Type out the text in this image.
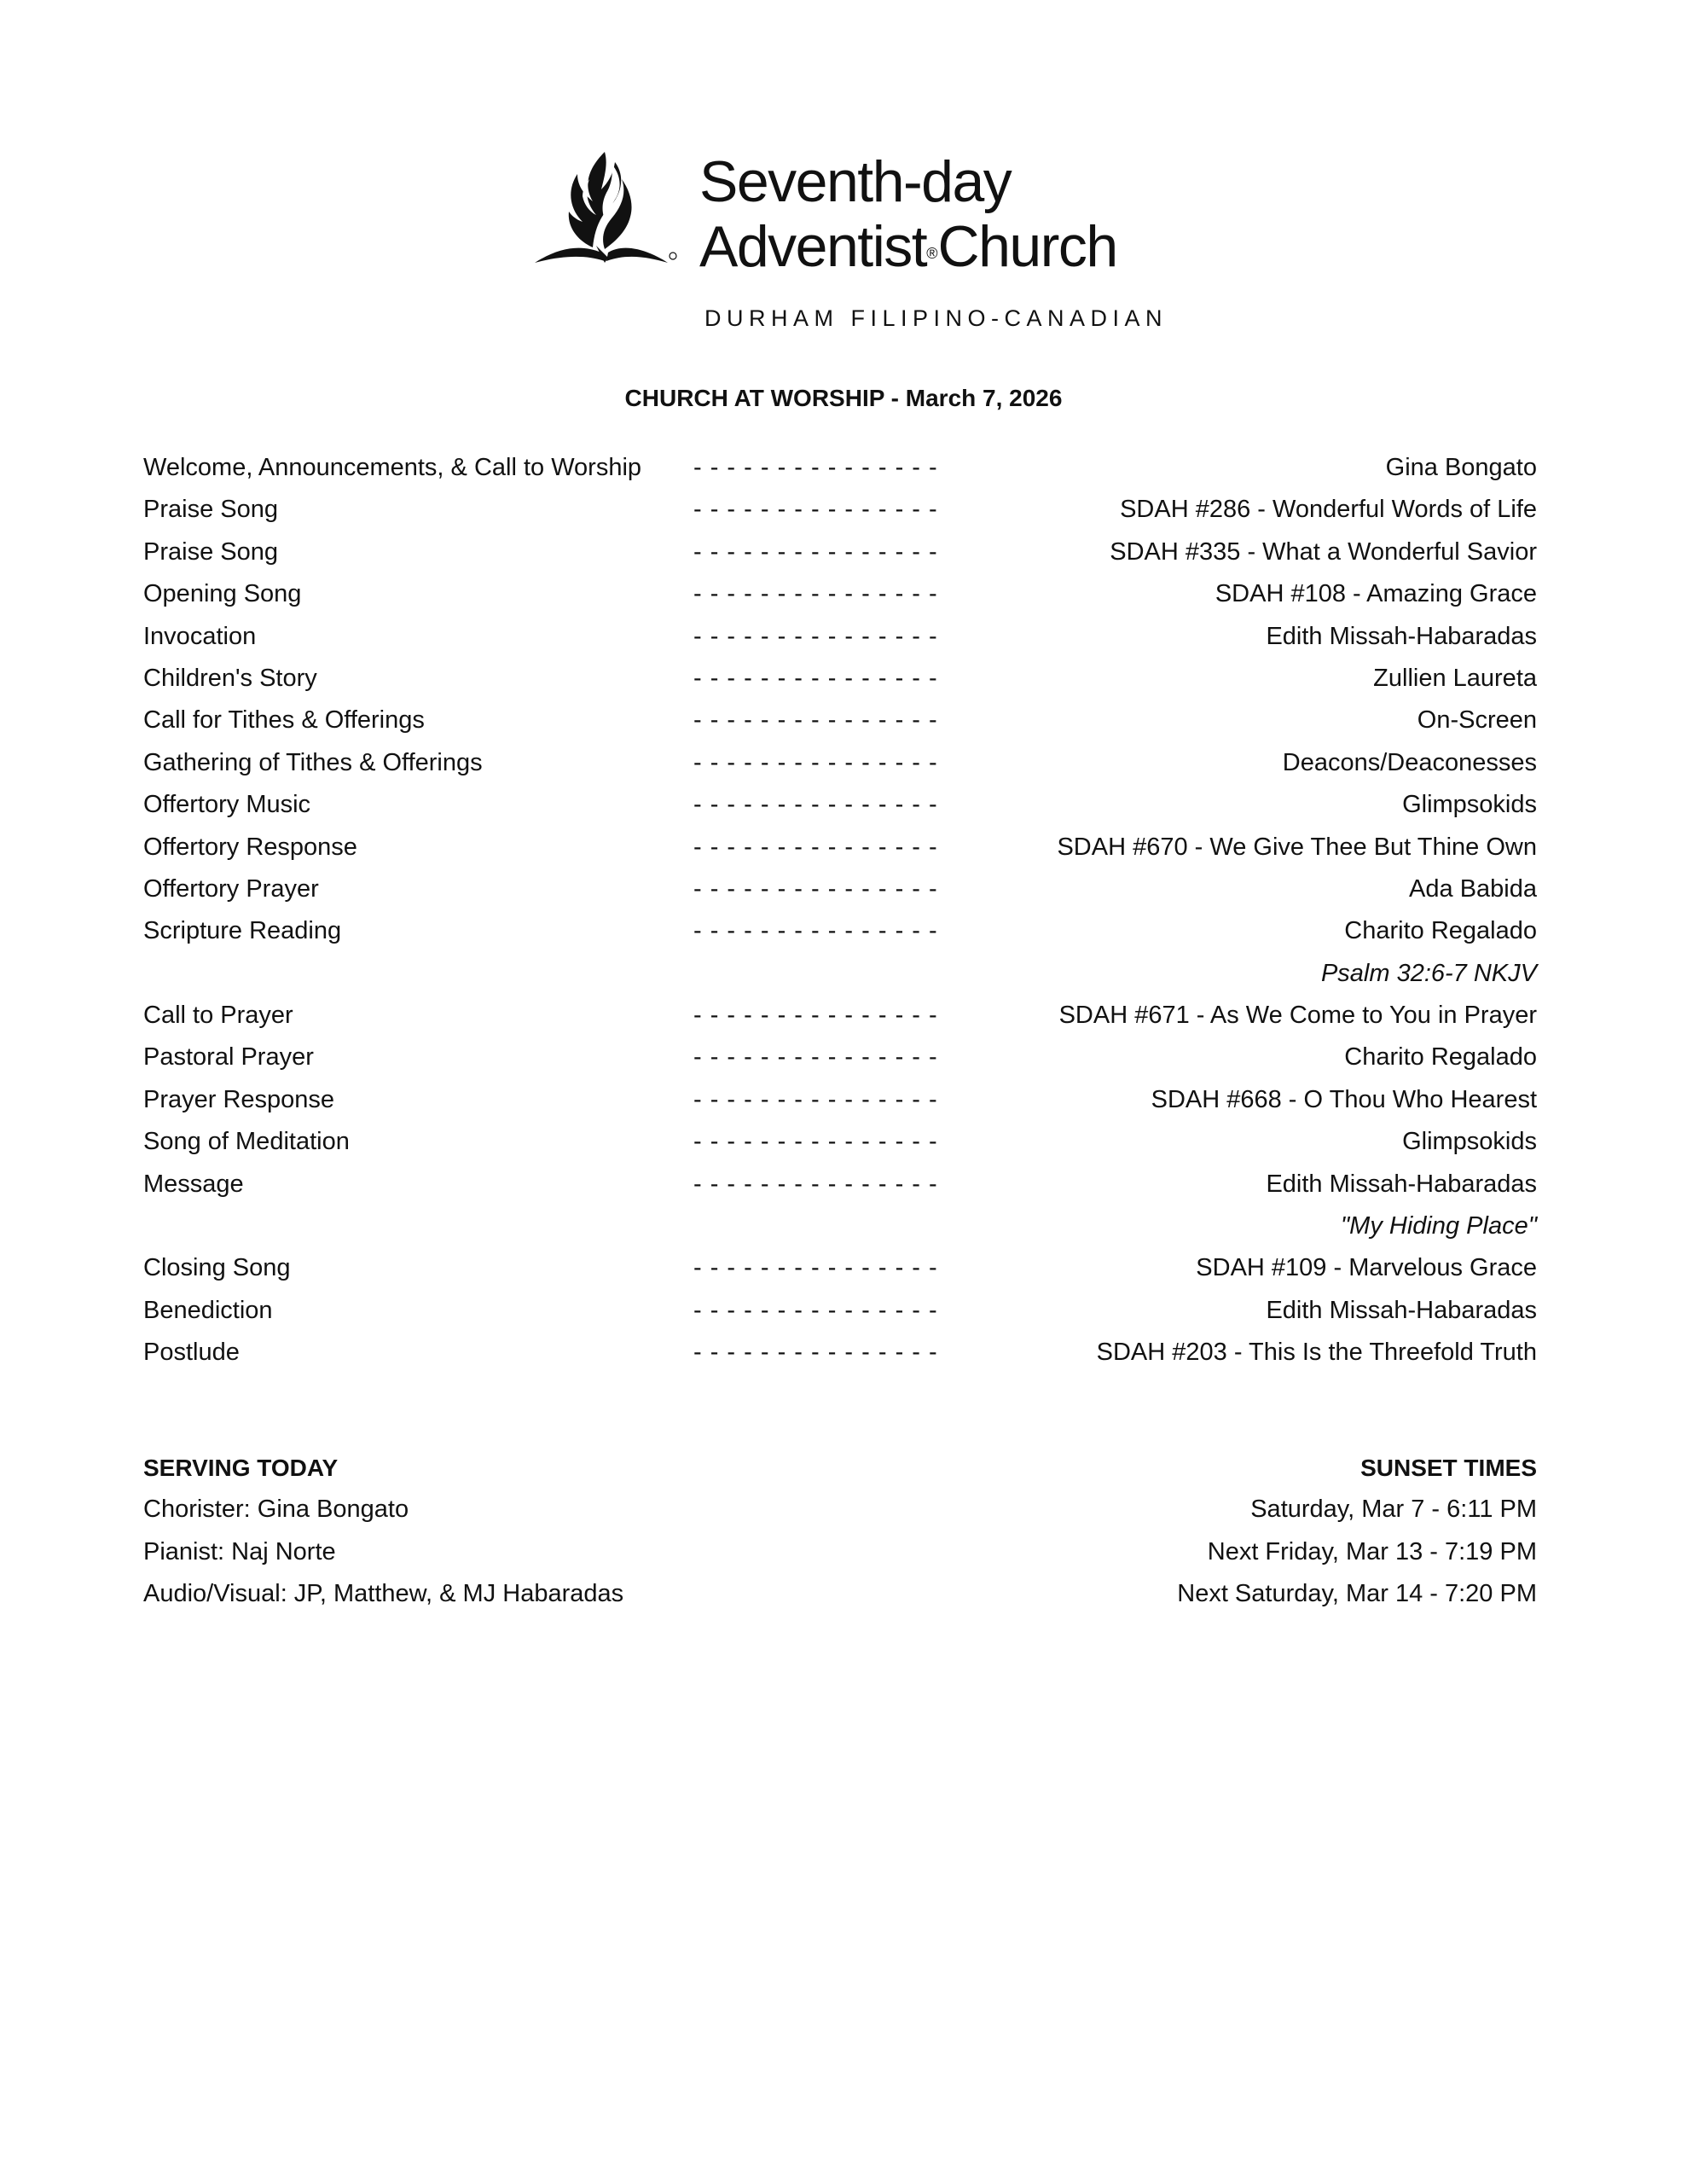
Seventh-day
Adventist®Church
DURHAM FILIPINO-CANADIAN
CHURCH AT WORSHIP - March 7, 2026
Welcome, Announcements, & Call to Worship - - - - - - - - - - - - - - -	Gina Bongato
Praise Song	- - - - - - - - - - - - - - -	SDAH #286 - Wonderful Words of Life
Praise Song	- - - - - - - - - - - - - - -	SDAH #335 - What a Wonderful Savior
Opening Song	- - - - - - - - - - - - - - -	SDAH #108 - Amazing Grace
Invocation	- - - - - - - - - - - - - - -	Edith Missah-Habaradas
Children's Story	- - - - - - - - - - - - - - -	Zullien Laureta
Call for Tithes & Offerings	- - - - - - - - - - - - - - -	On-Screen
Gathering of Tithes & Offerings	- - - - - - - - - - - - - - -	Deacons/Deaconesses
Offertory Music	- - - - - - - - - - - - - - -	Glimpsokids
Offertory Response	- - - - - - - - - - - - - - -	SDAH #670 - We Give Thee But Thine Own
Offertory Prayer	- - - - - - - - - - - - - - -	Ada Babida
Scripture Reading	- - - - - - - - - - - - - - -	Charito Regalado
Psalm 32:6-7 NKJV
Call to Prayer	- - - - - - - - - - - - - - -	SDAH #671 - As We Come to You in Prayer
Pastoral Prayer	- - - - - - - - - - - - - - -	Charito Regalado
Prayer Response	- - - - - - - - - - - - - - -	SDAH #668 - O Thou Who Hearest
Song of Meditation	- - - - - - - - - - - - - - -	Glimpsokids
Message	- - - - - - - - - - - - - - -	Edith Missah-Habaradas
"My Hiding Place"
Closing Song	- - - - - - - - - - - - - - -	SDAH #109 - Marvelous Grace
Benediction	- - - - - - - - - - - - - - -	Edith Missah-Habaradas
Postlude	- - - - - - - - - - - - - - -	SDAH #203 - This Is the Threefold Truth
SERVING TODAY
Chorister: Gina Bongato
Pianist: Naj Norte
Audio/Visual: JP, Matthew, & MJ Habaradas
SUNSET TIMES
Saturday, Mar 7 - 6:11 PM
Next Friday, Mar 13 - 7:19 PM
Next Saturday, Mar 14 - 7:20 PM
